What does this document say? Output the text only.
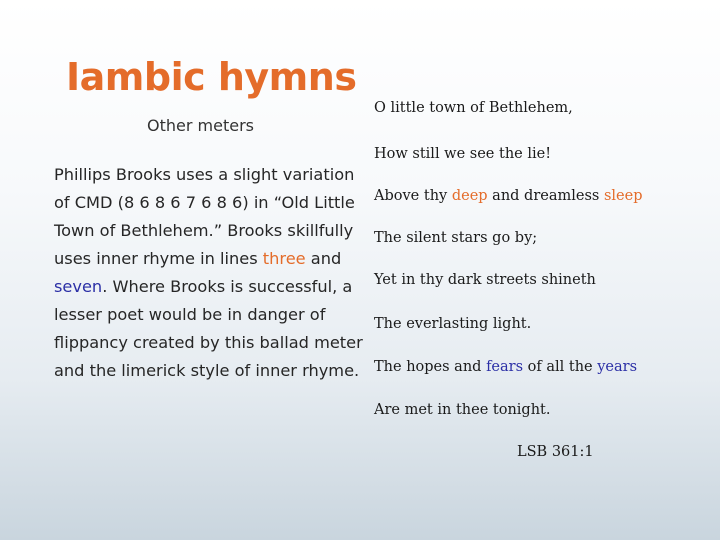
Iambic hymns
Other meters
Phillips Brooks uses a slight variation of CMD (8 6 8 6 7 6 8 6) in “Old Little Town of Bethlehem.” Brooks skillfully uses inner rhyme in lines three and seven. Where Brooks is successful, a lesser poet would be in danger of flippancy created by this ballad meter and the limerick style of inner rhyme.
O little town of Bethlehem,
How still we see the lie!
Above thy deep and dreamless sleep
The silent stars go by;
Yet in thy dark streets shineth
The everlasting light.
The hopes and fears of all the years
Are met in thee tonight.
LSB 361:1
